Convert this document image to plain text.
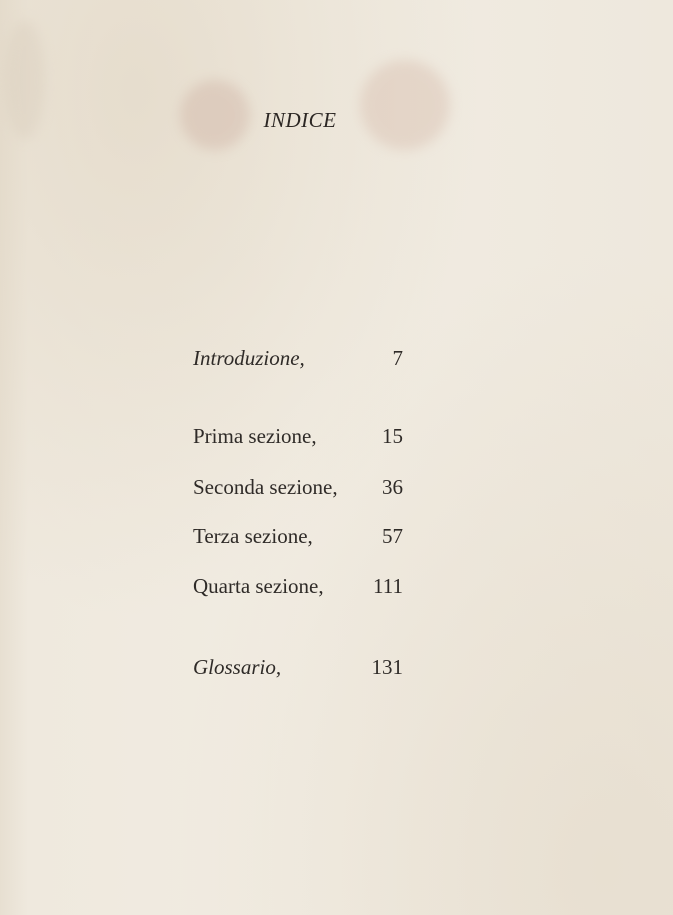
INDICE
Introduzione,	7
Prima sezione,	15
Seconda sezione, 36
Terza sezione,	57
Quarta sezione, 111
Glossario,	131
